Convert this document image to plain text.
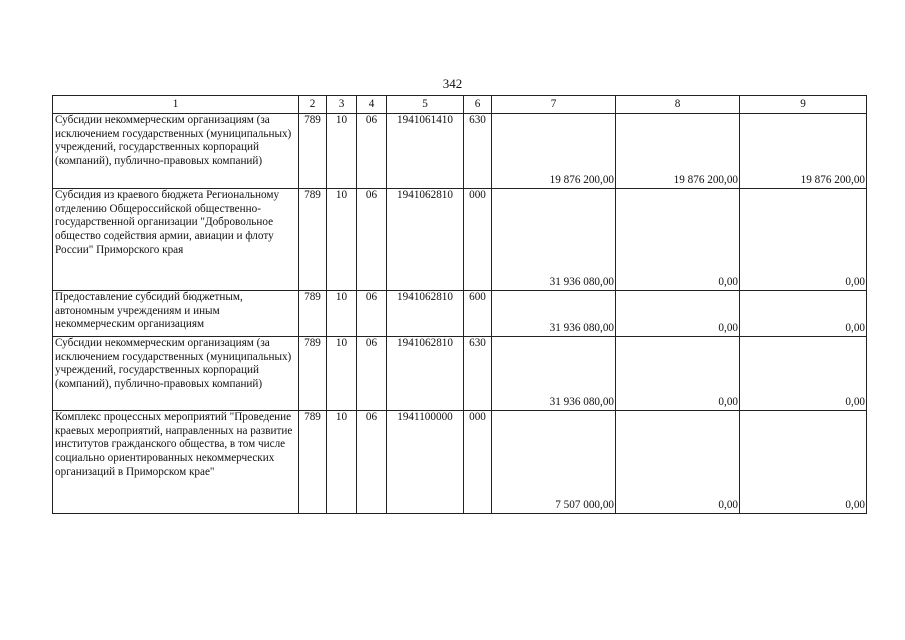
342
1	2	3	4	5	6	7	8	9
Субсидии некоммерческим организациям (за исключением государственных (муниципальных) учреждений, государственных корпораций (компаний), публично-правовых компаний)	789	10	06	1941061410	630	19 876 200,00	19 876 200,00	19 876 200,00
Субсидия из краевого бюджета Региональному отделению Общероссийской общественно-государственной организации "Добровольное общество содействия армии, авиации и флоту России" Приморского края	789	10	06	1941062810	000	31 936 080,00	0,00	0,00
Предоставление субсидий бюджетным, автономным учреждениям и иным некоммерческим организациям	789	10	06	1941062810	600	31 936 080,00	0,00	0,00
Субсидии некоммерческим организациям (за исключением государственных (муниципальных) учреждений, государственных корпораций (компаний), публично-правовых компаний)	789	10	06	1941062810	630	31 936 080,00	0,00	0,00
Комплекс процессных мероприятий "Проведение краевых мероприятий, направленных на развитие институтов гражданского общества, в том числе социально ориентированных некоммерческих организаций в Приморском крае"	789	10	06	1941100000	000	7 507 000,00	0,00	0,00
